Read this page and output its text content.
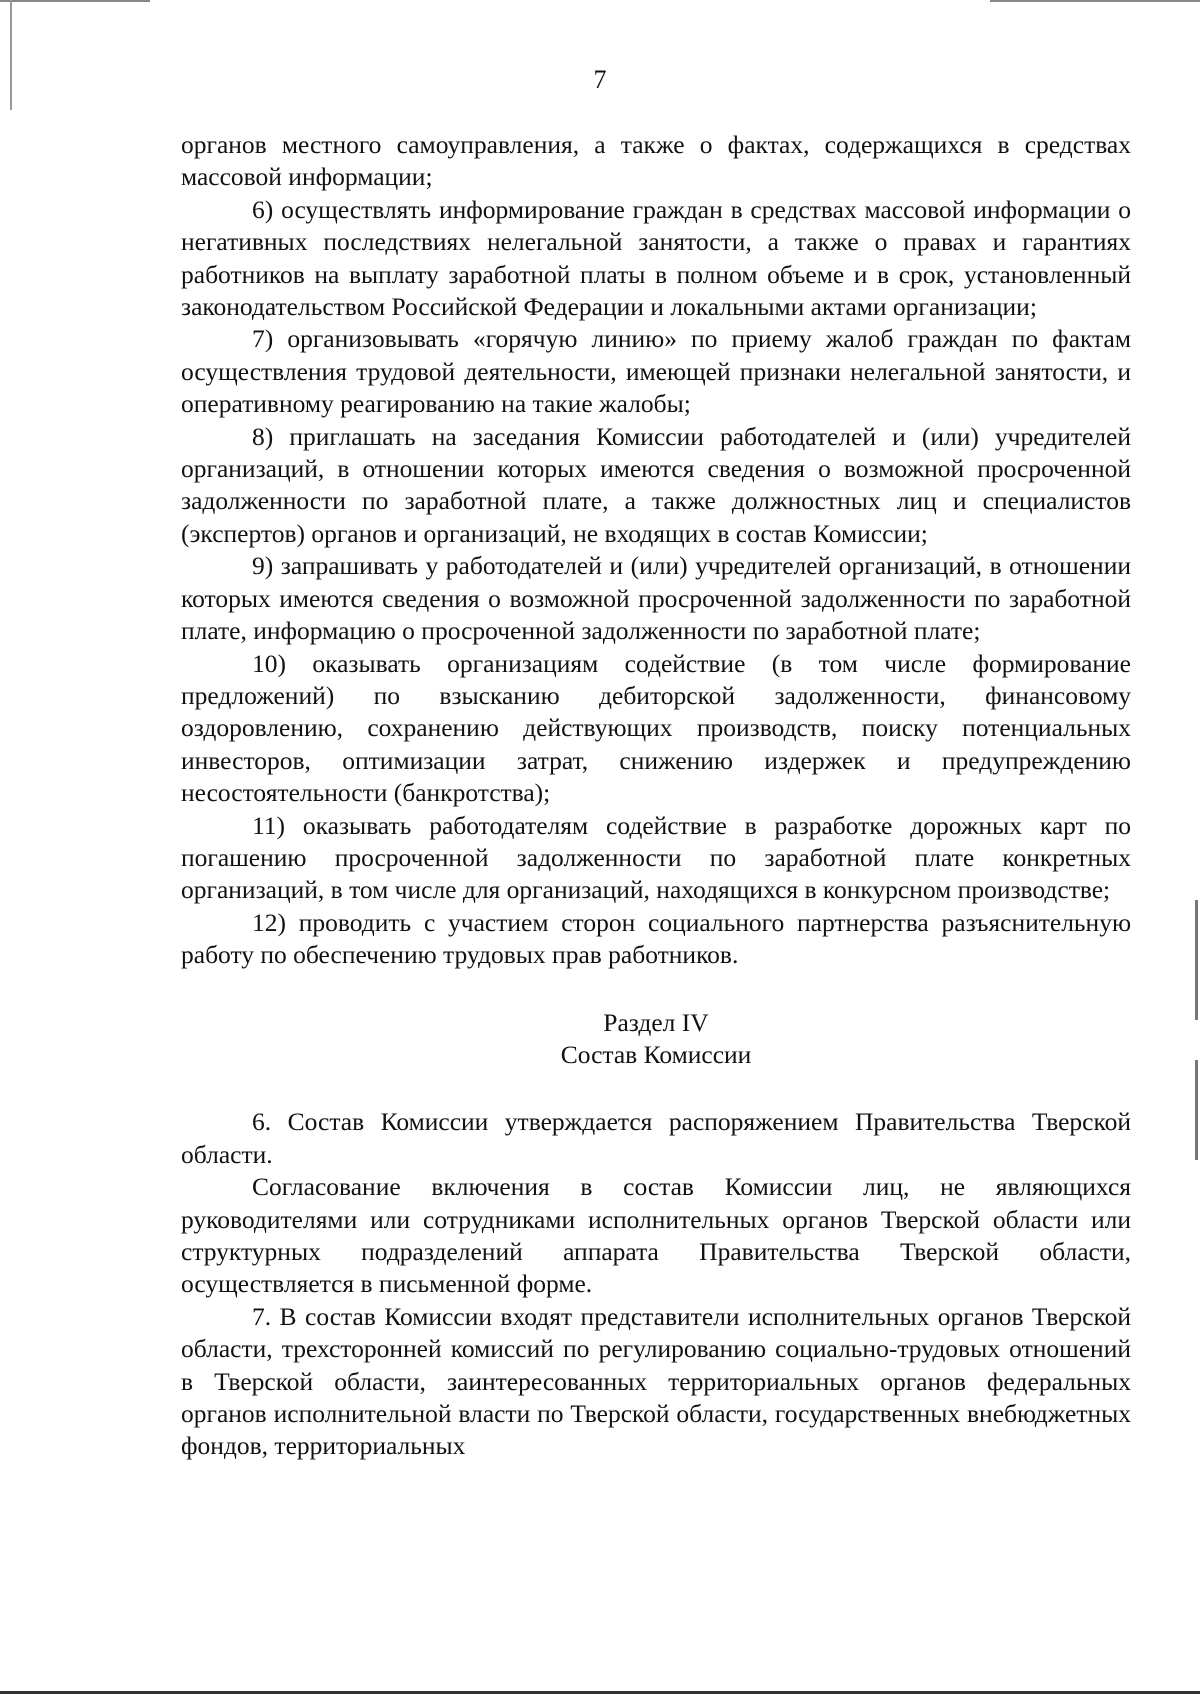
7

органов местного самоуправления, а также о фактах, содержащихся в средствах массовой информации;

6) осуществлять информирование граждан в средствах массовой информации о негативных последствиях нелегальной занятости, а также о правах и гарантиях работников на выплату заработной платы в полном объеме и в срок, установленный законодательством Российской Федерации и локальными актами организации;

7) организовывать «горячую линию» по приему жалоб граждан по фактам осуществления трудовой деятельности, имеющей признаки нелегальной занятости, и оперативному реагированию на такие жалобы;

8) приглашать на заседания Комиссии работодателей и (или) учредителей организаций, в отношении которых имеются сведения о возможной просроченной задолженности по заработной плате, а также должностных лиц и специалистов (экспертов) органов и организаций, не входящих в состав Комиссии;

9) запрашивать у работодателей и (или) учредителей организаций, в отношении которых имеются сведения о возможной просроченной задолженности по заработной плате, информацию о просроченной задолженности по заработной плате;

10) оказывать организациям содействие (в том числе формирование предложений) по взысканию дебиторской задолженности, финансовому оздоровлению, сохранению действующих производств, поиску потенциальных инвесторов, оптимизации затрат, снижению издержек и предупреждению несостоятельности (банкротства);

11) оказывать работодателям содействие в разработке дорожных карт по погашению просроченной задолженности по заработной плате конкретных организаций, в том числе для организаций, находящихся в конкурсном производстве;

12) проводить с участием сторон социального партнерства разъяснительную работу по обеспечению трудовых прав работников.

Раздел IV
Состав Комиссии

6. Состав Комиссии утверждается распоряжением Правительства Тверской области.

Согласование включения в состав Комиссии лиц, не являющихся руководителями или сотрудниками исполнительных органов Тверской области или структурных подразделений аппарата Правительства Тверской области, осуществляется в письменной форме.

7. В состав Комиссии входят представители исполнительных органов Тверской области, трехсторонней комиссий по регулированию социально-трудовых отношений в Тверской области, заинтересованных территориальных органов федеральных органов исполнительной власти по Тверской области, государственных внебюджетных фондов, территориальных
